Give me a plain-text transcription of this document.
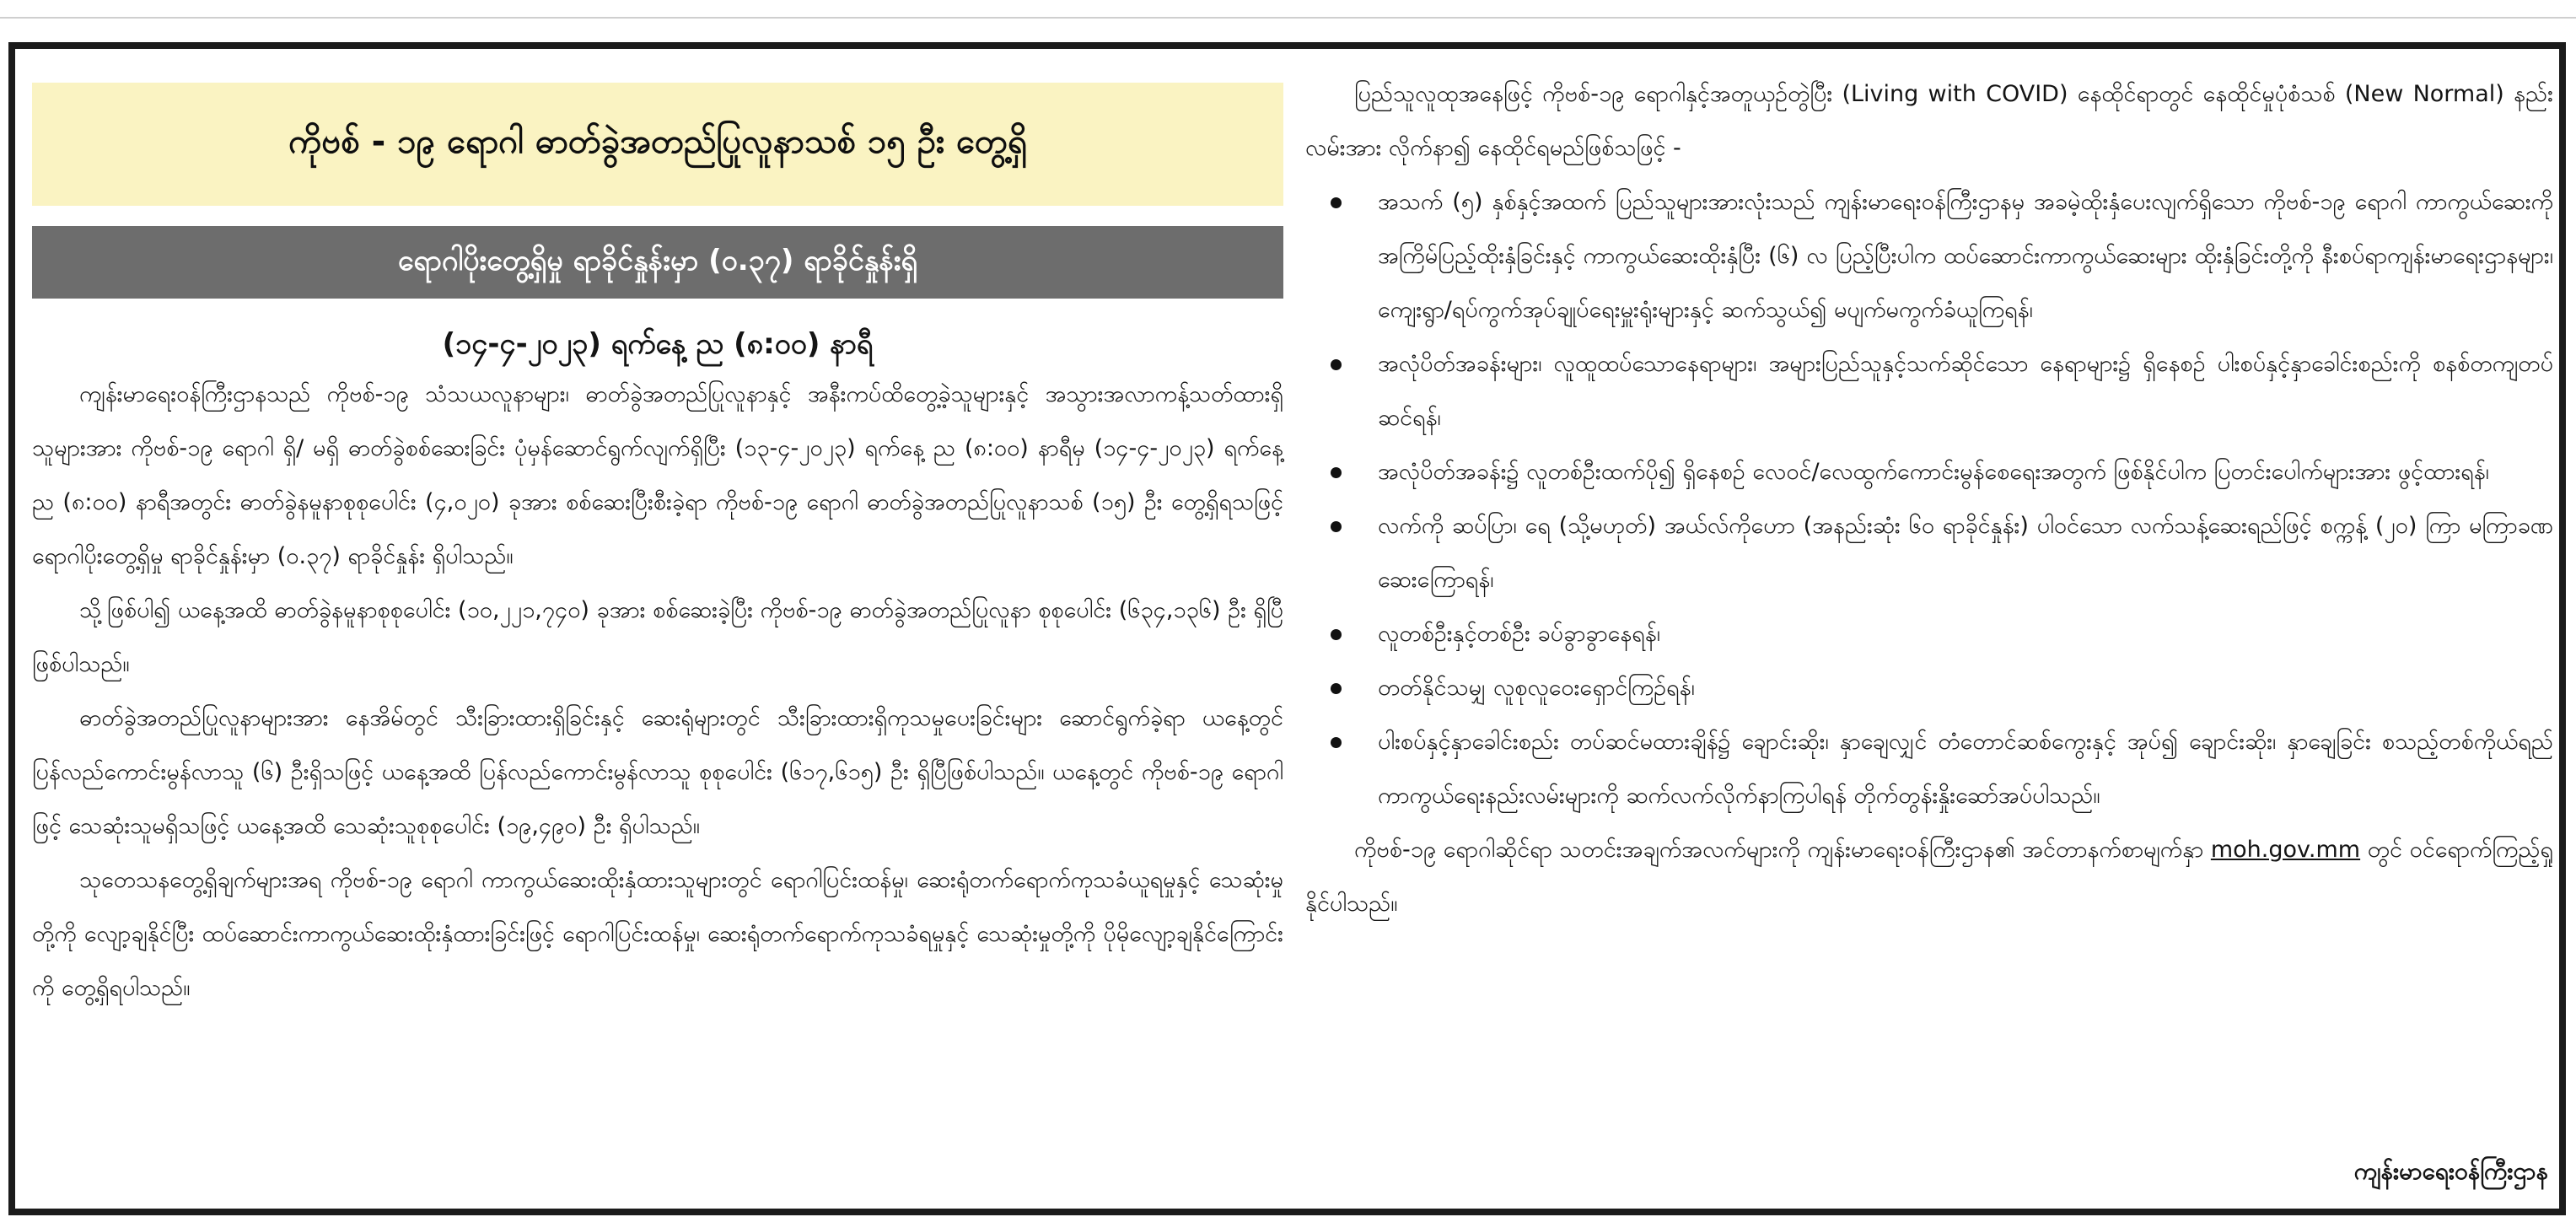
ကိုဗစ် - ၁၉ ရောဂါ ဓာတ်ခွဲအတည်ပြုလူနာသစ် ၁၅ ဦး တွေ့ရှိ
ရောဂါပိုးတွေ့ရှိမှု ရာခိုင်နှုန်းမှာ (၀.၃၇) ရာခိုင်နှုန်းရှိ
(၁၄-၄-၂၀၂၃) ရက်နေ့ ည (၈:၀၀) နာရီ

ကျန်းမာရေးဝန်ကြီးဌာနသည် ကိုဗစ်-၁၉ သံသယလူနာများ၊ ဓာတ်ခွဲအတည်ပြုလူနာနှင့် အနီးကပ်ထိတွေ့ခဲ့သူများနှင့် အသွားအလာကန့်သတ်ထားရှိသူများအား ကိုဗစ်-၁၉ ရောဂါ ရှိ/ မရှိ ဓာတ်ခွဲစစ်ဆေးခြင်း ပုံမှန်ဆောင်ရွက်လျက်ရှိပြီး (၁၃-၄-၂၀၂၃) ရက်နေ့ ည (၈:၀၀) နာရီမှ (၁၄-၄-၂၀၂၃) ရက်နေ့ ည (၈:၀၀) နာရီအတွင်း ဓာတ်ခွဲနမူနာစုစုပေါင်း (၄,၀၂၀) ခုအား စစ်ဆေးပြီးစီးခဲ့ရာ ကိုဗစ်-၁၉ ရောဂါ ဓာတ်ခွဲအတည်ပြုလူနာသစ် (၁၅) ဦး တွေ့ရှိရသဖြင့် ရောဂါပိုးတွေ့ရှိမှု ရာခိုင်နှုန်းမှာ (၀.၃၇) ရာခိုင်နှုန်း ရှိပါသည်။

သို့ဖြစ်ပါ၍ ယနေ့အထိ ဓာတ်ခွဲနမူနာစုစုပေါင်း (၁၀,၂၂၁,၇၄၀) ခုအား စစ်ဆေးခဲ့ပြီး ကိုဗစ်-၁၉ ဓာတ်ခွဲအတည်ပြုလူနာ စုစုပေါင်း (၆၃၄,၁၃၆) ဦး ရှိပြီဖြစ်ပါသည်။

ဓာတ်ခွဲအတည်ပြုလူနာများအား နေအိမ်တွင် သီးခြားထားရှိခြင်းနှင့် ဆေးရုံများတွင် သီးခြားထားရှိကုသမှုပေးခြင်းများ ဆောင်ရွက်ခဲ့ရာ ယနေ့တွင် ပြန်လည်ကောင်းမွန်လာသူ (၆) ဦးရှိသဖြင့် ယနေ့အထိ ပြန်လည်ကောင်းမွန်လာသူ စုစုပေါင်း (၆၁၇,၆၁၅) ဦး ရှိပြီဖြစ်ပါသည်။ ယနေ့တွင် ကိုဗစ်-၁၉ ရောဂါဖြင့် သေဆုံးသူမရှိသဖြင့် ယနေ့အထိ သေဆုံးသူစုစုပေါင်း (၁၉,၄၉၀) ဦး ရှိပါသည်။

သုတေသနတွေ့ရှိချက်များအရ ကိုဗစ်-၁၉ ရောဂါ ကာကွယ်ဆေးထိုးနှံထားသူများတွင် ရောဂါပြင်းထန်မှု၊ ဆေးရုံတက်ရောက်ကုသခံယူရမှုနှင့် သေဆုံးမှုတို့ကို လျော့ချနိုင်ပြီး ထပ်ဆောင်းကာကွယ်ဆေးထိုးနှံထားခြင်းဖြင့် ရောဂါပြင်းထန်မှု၊ ဆေးရုံတက်ရောက်ကုသခံရမှုနှင့် သေဆုံးမှုတို့ကို ပိုမိုလျော့ချနိုင်ကြောင်းကို တွေ့ရှိရပါသည်။

ပြည်သူလူထုအနေဖြင့် ကိုဗစ်-၁၉ ရောဂါနှင့်အတူယှဉ်တွဲပြီး (Living with COVID) နေထိုင်ရာတွင် နေထိုင်မှုပုံစံသစ် (New Normal) နည်းလမ်းအား လိုက်နာ၍ နေထိုင်ရမည်ဖြစ်သဖြင့် -

အသက် (၅) နှစ်နှင့်အထက် ပြည်သူများအားလုံးသည် ကျန်းမာရေးဝန်ကြီးဌာနမှ အခမဲ့ထိုးနှံပေးလျက်ရှိသော ကိုဗစ်-၁၉ ရောဂါ ကာကွယ်ဆေးကို အကြိမ်ပြည့်ထိုးနှံခြင်းနှင့် ကာကွယ်ဆေးထိုးနှံပြီး (၆) လ ပြည့်ပြီးပါက ထပ်ဆောင်းကာကွယ်ဆေးများ ထိုးနှံခြင်းတို့ကို နီးစပ်ရာကျန်းမာရေးဌာနများ၊ ကျေးရွာ/ရပ်ကွက်အုပ်ချုပ်ရေးမှူးရုံးများနှင့် ဆက်သွယ်၍ မပျက်မကွက်ခံယူကြရန်၊
အလုံပိတ်အခန်းများ၊ လူထူထပ်သောနေရာများ၊ အများပြည်သူနှင့်သက်ဆိုင်သော နေရာများ၌ ရှိနေစဉ် ပါးစပ်နှင့်နှာခေါင်းစည်းကို စနစ်တကျတပ်ဆင်ရန်၊
အလုံပိတ်အခန်း၌ လူတစ်ဦးထက်ပို၍ ရှိနေစဉ် လေဝင်/လေထွက်ကောင်းမွန်စေရေးအတွက် ဖြစ်နိုင်ပါက ပြတင်းပေါက်များအား ဖွင့်ထားရန်၊
လက်ကို ဆပ်ပြာ၊ ရေ (သို့မဟုတ်) အယ်လ်ကိုဟော (အနည်းဆုံး ၆၀ ရာခိုင်နှုန်း) ပါဝင်သော လက်သန့်ဆေးရည်ဖြင့် စက္ကန့် (၂၀) ကြာ မကြာခဏ ဆေးကြောရန်၊
လူတစ်ဦးနှင့်တစ်ဦး ခပ်ခွာခွာနေရန်၊
တတ်နိုင်သမျှ လူစုလူဝေးရှောင်ကြဉ်ရန်၊
ပါးစပ်နှင့်နှာခေါင်းစည်း တပ်ဆင်မထားချိန်၌ ချောင်းဆိုး၊ နှာချေလျှင် တံတောင်ဆစ်ကွေးနှင့် အုပ်၍ ချောင်းဆိုး၊ နှာချေခြင်း စသည့်တစ်ကိုယ်ရည်ကာကွယ်ရေးနည်းလမ်းများကို ဆက်လက်လိုက်နာကြပါရန် တိုက်တွန်းနှိုးဆော်အပ်ပါသည်။

ကိုဗစ်-၁၉ ရောဂါဆိုင်ရာ သတင်းအချက်အလက်များကို ကျန်းမာရေးဝန်ကြီးဌာန၏ အင်တာနက်စာမျက်နှာ moh.gov.mm တွင် ဝင်ရောက်ကြည့်ရှုနိုင်ပါသည်။

ကျန်းမာရေးဝန်ကြီးဌာန
